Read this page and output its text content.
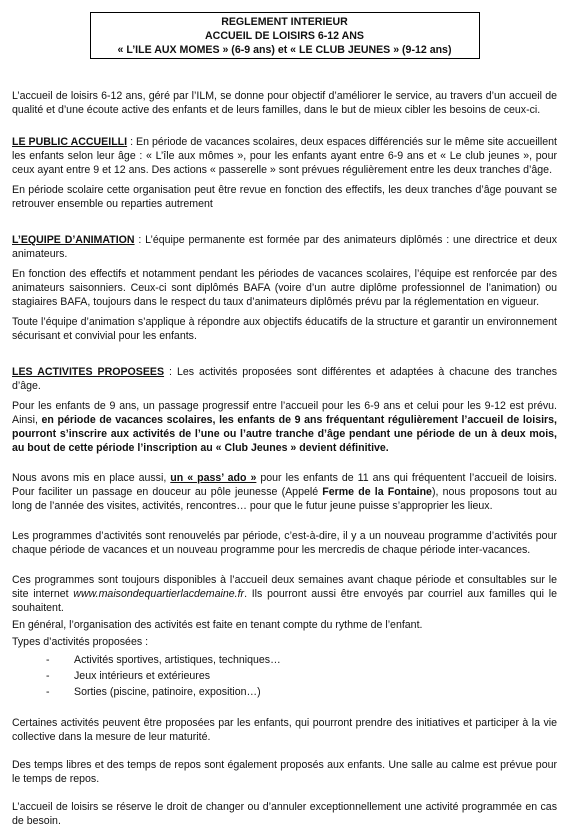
REGLEMENT INTERIEUR
ACCUEIL DE LOISIRS 6-12 ANS
« L’ILE AUX MOMES » (6-9 ans) et « LE CLUB JEUNES » (9-12 ans)

L’accueil de loisirs 6-12 ans, géré par l’ILM, se donne pour objectif d’améliorer le service, au travers d’un accueil de qualité et d’une écoute active des enfants et de leurs familles, dans le but de mieux cibler les besoins de ceux-ci.

LE PUBLIC ACCUEILLI : En période de vacances scolaires, deux espaces différenciés sur le même site accueillent les enfants selon leur âge : « L’île aux mômes », pour les enfants ayant entre 6-9 ans et « Le club jeunes », pour ceux ayant entre 9 et 12 ans. Des actions « passerelle » sont prévues régulièrement entre les deux tranches d’âge.

En période scolaire cette organisation peut être revue en fonction des effectifs, les deux tranches d’âge pouvant se retrouver ensemble ou reparties autrement

L’EQUIPE D’ANIMATION : L’équipe permanente est formée par des animateurs diplômés : une directrice et deux animateurs.

En fonction des effectifs et notamment pendant les périodes de vacances scolaires, l’équipe est renforcée par des animateurs saisonniers. Ceux-ci sont diplômés BAFA (voire d’un autre diplôme professionnel de l’animation) ou stagiaires BAFA, toujours dans le respect du taux d’animateurs diplômés prévu par la réglementation en vigueur.

Toute l’équipe d’animation s’applique à répondre aux objectifs éducatifs de la structure et garantir un environnement sécurisant et convivial pour les enfants.

LES ACTIVITES PROPOSEES : Les activités proposées sont différentes et adaptées à chacune des tranches d’âge.

Pour les enfants de 9 ans, un passage progressif entre l’accueil pour les 6-9 ans et celui pour les 9-12 est prévu. Ainsi, en période de vacances scolaires, les enfants de 9 ans fréquentant régulièrement l’accueil de loisirs, pourront s’inscrire aux activités de l’une ou l’autre tranche d’âge pendant une période de un à deux mois, au bout de cette période l’inscription au « Club Jeunes » devient définitive.

Nous avons mis en place aussi, un « pass’ ado » pour les enfants de 11 ans qui fréquentent l’accueil de loisirs. Pour faciliter un passage en douceur au pôle jeunesse (Appelé Ferme de la Fontaine), nous proposons tout au long de l’année des visites, activités, rencontres… pour que le futur jeune puisse s’approprier les lieux.

Les programmes d’activités sont renouvelés par période, c’est-à-dire, il y a un nouveau programme d’activités pour chaque période de vacances et un nouveau programme pour les mercredis de chaque période inter-vacances.

Ces programmes sont toujours disponibles à l’accueil deux semaines avant chaque période et consultables sur le site internet www.maisondequartierlacdemaine.fr. Ils pourront aussi être envoyés par courriel aux familles qui le souhaitent.

En général, l’organisation des activités est faite en tenant compte du rythme de l’enfant.

Types d’activités proposées :

- Activités sportives, artistiques, techniques…
- Jeux intérieurs et extérieures
- Sorties (piscine, patinoire, exposition…)

Certaines activités peuvent être proposées par les enfants, qui pourront prendre des initiatives et participer à la vie collective dans la mesure de leur maturité.

Des temps libres et des temps de repos sont également proposés aux enfants. Une salle au calme est prévue pour le temps de repos.

L’accueil de loisirs se réserve le droit de changer ou d’annuler exceptionnellement une activité programmée en cas de besoin.
